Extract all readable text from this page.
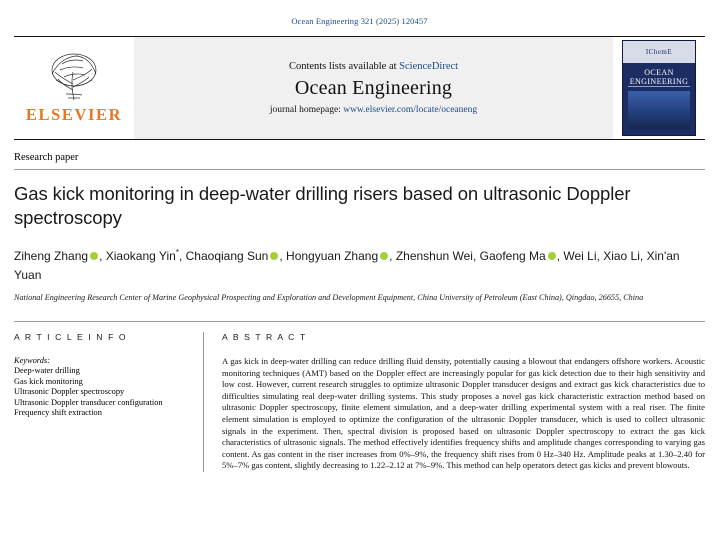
Ocean Engineering 321 (2025) 120457
ELSEVIER
Contents lists available at ScienceDirect
Ocean Engineering
journal homepage: www.elsevier.com/locate/oceaneng
IChemE
OCEAN
ENGINEERING
Research paper
Gas kick monitoring in deep-water drilling risers based on ultrasonic Doppler spectroscopy
Ziheng Zhang , Xiaokang Yin*, Chaoqiang Sun , Hongyuan Zhang , Zhenshun Wei, Gaofeng Ma , Wei Li, Xiao Li, Xin'an Yuan
National Engineering Research Center of Marine Geophysical Prospecting and Exploration and Development Equipment, China University of Petroleum (East China), Qingdao, 26655, China
A R T I C L E I N F O
Keywords:
Deep-water drilling
Gas kick monitoring
Ultrasonic Doppler spectroscopy
Ultrasonic Doppler transducer configuration
Frequency shift extraction
A B S T R A C T
A gas kick in deep-water drilling can reduce drilling fluid density, potentially causing a blowout that endangers offshore workers. Acoustic monitoring techniques (AMT) based on the Doppler effect are increasingly popular for gas kick detection due to their high sensitivity and low cost. However, current research struggles to optimize ultrasonic Doppler transducer designs and extract gas kick characteristics due to difficulties simulating real deep-water drilling systems. This study proposes a novel gas kick characteristic extraction method based on ultrasonic Doppler spectroscopy, finite element simulation, and a deep-water drilling experimental system with a real riser. The finite element simulation is employed to optimize the configuration of the ultrasonic Doppler transducer, which is used to collect ultrasonic signals in the experiment. Then, spectral division is proposed based on ultrasonic Doppler spectroscopy to extract the gas kick characteristics of ultrasonic signals. The method effectively identifies frequency shifts and amplitude changes corresponding to varying gas content. As gas content in the riser increases from 0%–9%, the frequency shift rises from 0 Hz–340 Hz. Amplitude peaks at 1.30–2.40 for 5%–7% gas content, slightly decreasing to 1.22–2.12 at 7%–9%. This method can help operators detect gas kicks and prevent blowouts.
